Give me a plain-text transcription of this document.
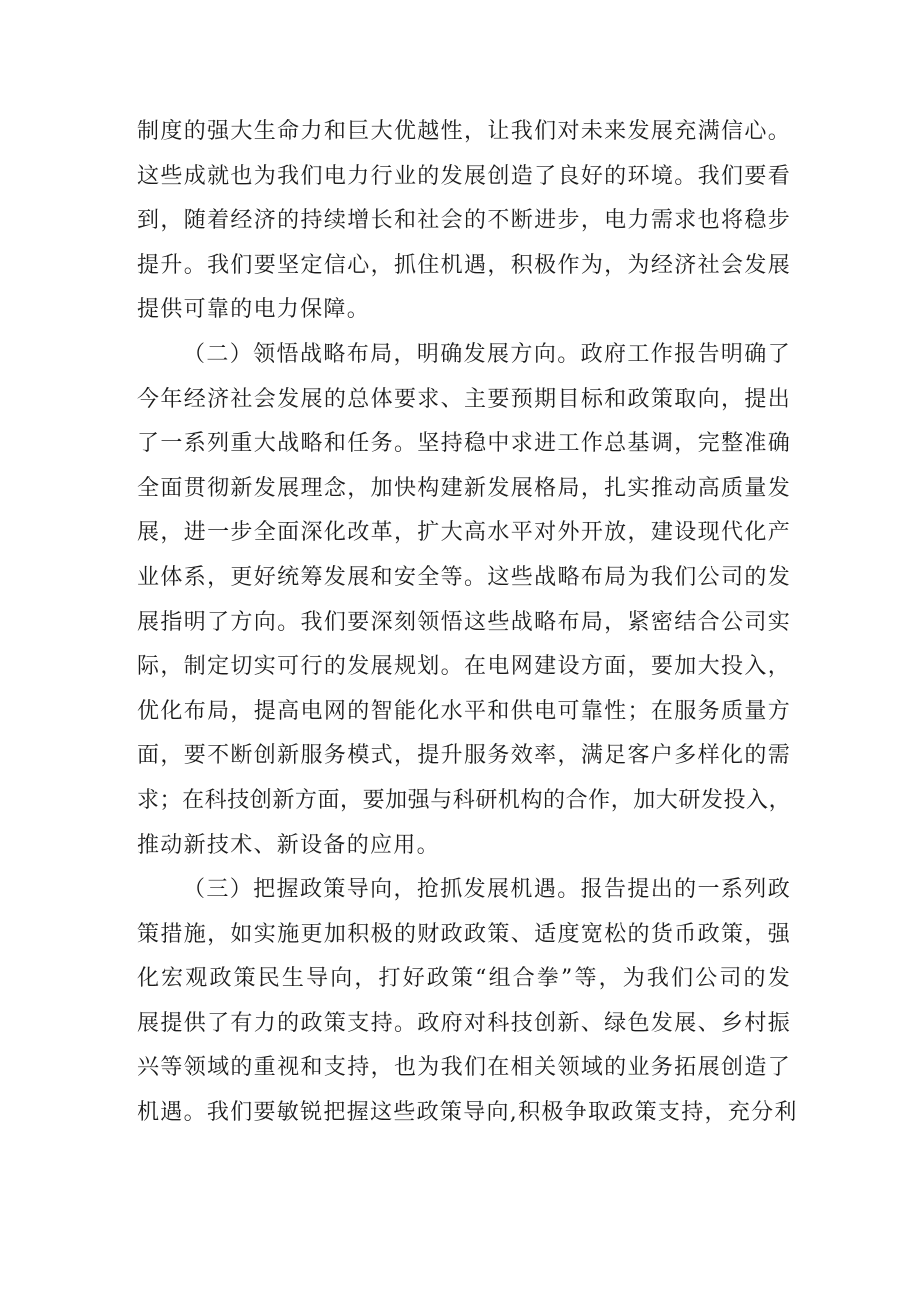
制度的强大生命力和巨大优越性，让我们对未来发展充满信心。
这些成就也为我们电力行业的发展创造了良好的环境。我们要看
到，随着经济的持续增长和社会的不断进步，电力需求也将稳步
提升。我们要坚定信心，抓住机遇，积极作为，为经济社会发展
提供可靠的电力保障。
（二）领悟战略布局，明确发展方向。政府工作报告明确了
今年经济社会发展的总体要求、主要预期目标和政策取向，提出
了一系列重大战略和任务。坚持稳中求进工作总基调，完整准确
全面贯彻新发展理念，加快构建新发展格局，扎实推动高质量发
展，进一步全面深化改革，扩大高水平对外开放，建设现代化产
业体系，更好统筹发展和安全等。这些战略布局为我们公司的发
展指明了方向。我们要深刻领悟这些战略布局，紧密结合公司实
际，制定切实可行的发展规划。在电网建设方面，要加大投入，
优化布局，提高电网的智能化水平和供电可靠性；在服务质量方
面，要不断创新服务模式，提升服务效率，满足客户多样化的需
求；在科技创新方面，要加强与科研机构的合作，加大研发投入，
推动新技术、新设备的应用。
（三）把握政策导向，抢抓发展机遇。报告提出的一系列政
策措施，如实施更加积极的财政政策、适度宽松的货币政策，强
化宏观政策民生导向，打好政策“组合拳”等，为我们公司的发
展提供了有力的政策支持。政府对科技创新、绿色发展、乡村振
兴等领域的重视和支持，也为我们在相关领域的业务拓展创造了
机遇。我们要敏锐把握这些政策导向,积极争取政策支持，充分利
